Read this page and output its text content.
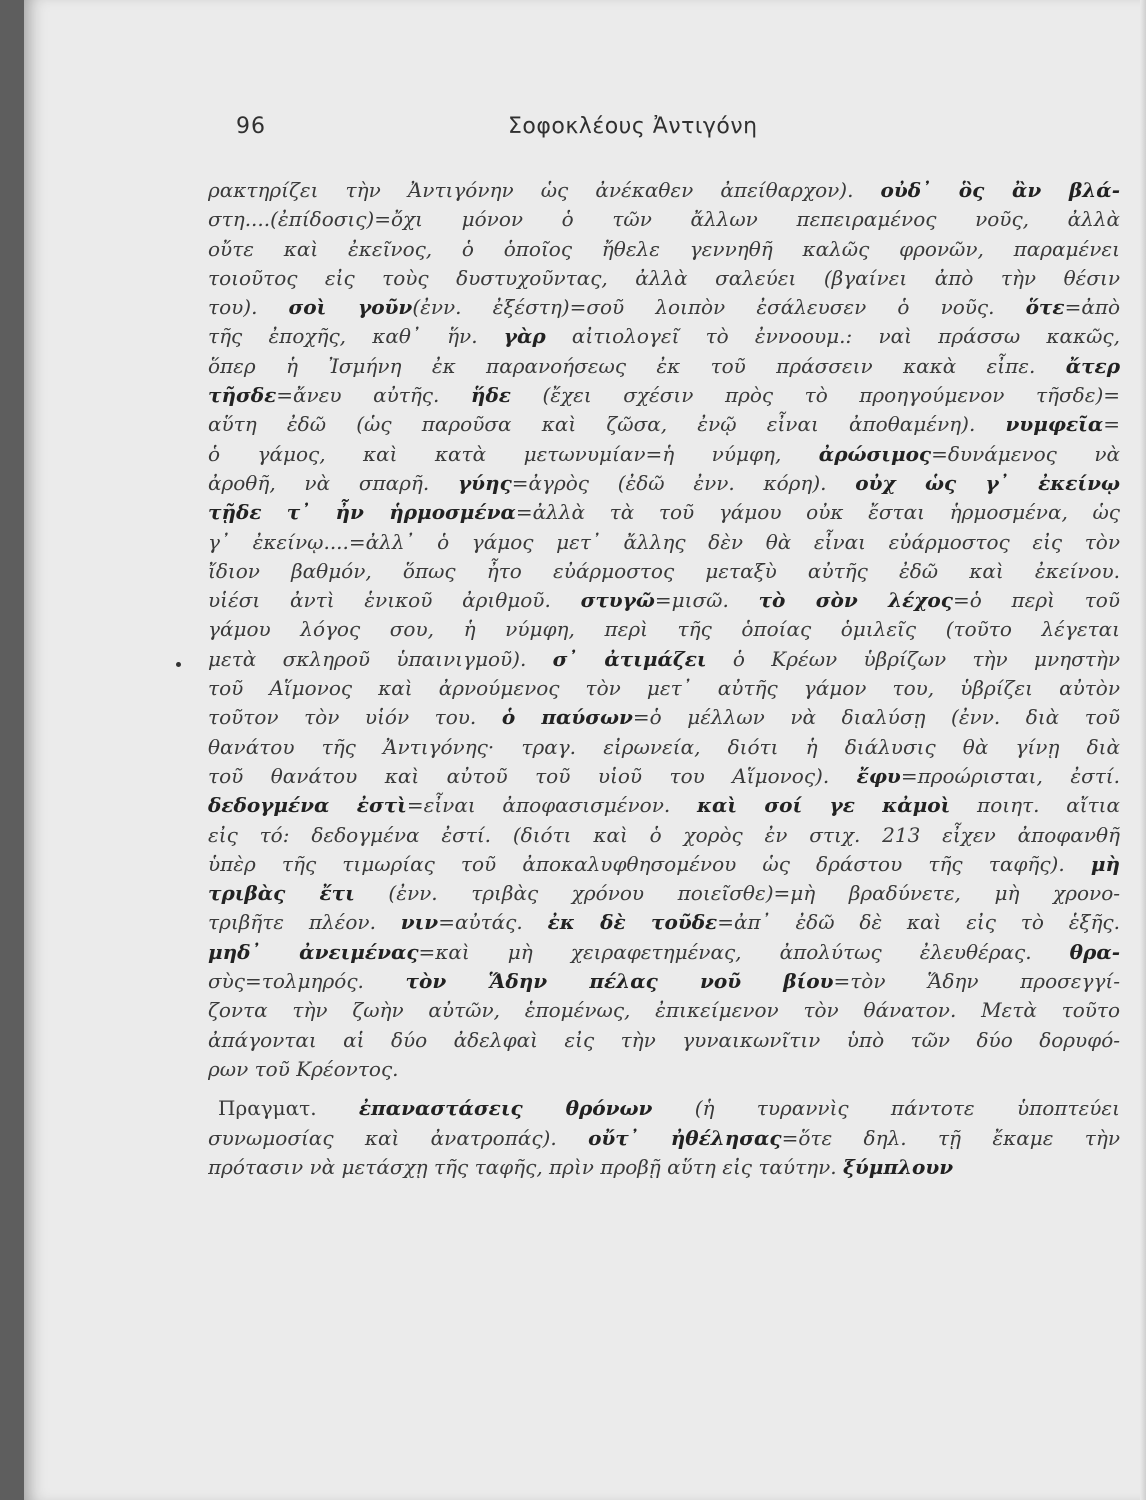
96	Σοφοκλέους Ἀντιγόνη
ρακτηρίζει τὴν Ἀντιγόνην ὡς ἀνέκαθεν ἀπείθαρχον). οὐδ᾽ ὃς ἂν βλά-
στη....(ἐπίδοσις)=ὄχι μόνον ὁ τῶν ἄλλων πεπειραμένος νοῦς, ἀλλὰ
οὔτε καὶ ἐκεῖνος, ὁ ὁποῖος ἤθελε γεννηθῆ καλῶς φρονῶν, παραμένει
τοιοῦτος εἰς τοὺς δυστυχοῦντας, ἀλλὰ σαλεύει (βγαίνει ἀπὸ τὴν θέσιν
του). σοὶ γοῦν(ἐνν. ἐξέστη)=σοῦ λοιπὸν ἐσάλευσεν ὁ νοῦς. ὅτε=ἀπὸ
τῆς ἐποχῆς, καθ᾽ ἥν. γὰρ αἰτιολογεῖ τὸ ἐννοουμ.: ναὶ πράσσω κακῶς,
ὅπερ ἡ Ἰσμήνη ἐκ παρανοήσεως ἐκ τοῦ πράσσειν κακὰ εἶπε. ἄτερ
τῆσδε=ἄνευ αὐτῆς. ἥδε (ἔχει σχέσιν πρὸς τὸ προηγούμενον τῆσδε)=
αὕτη ἐδῶ (ὡς παροῦσα καὶ ζῶσα, ἐνῷ εἶναι ἀποθαμένη). νυμφεῖα=
ὁ γάμος, καὶ κατὰ μετωνυμίαν=ἡ νύμφη, ἀρώσιμος=δυνάμενος νὰ
ἀροθῆ, νὰ σπαρῆ. γύης=ἀγρὸς (ἐδῶ ἐνν. κόρη). οὐχ ὡς γ᾽ ἐκείνῳ
τῇδε τ᾽ ἦν ἡρμοσμένα=ἀλλὰ τὰ τοῦ γάμου οὐκ ἔσται ἡρμοσμένα, ὡς
γ᾽ ἐκείνῳ....=ἀλλ᾽ ὁ γάμος μετ᾽ ἄλλης δὲν θὰ εἶναι εὐάρμοστος εἰς τὸν
ἴδιον βαθμόν, ὅπως ἦτο εὐάρμοστος μεταξὺ αὐτῆς ἐδῶ καὶ ἐκείνου.
υἱέσι ἀντὶ ἑνικοῦ ἀριθμοῦ. στυγῶ=μισῶ. τὸ σὸν λέχος=ὁ περὶ τοῦ
γάμου λόγος σου, ἡ νύμφη, περὶ τῆς ὁποίας ὁμιλεῖς (τοῦτο λέγεται
μετὰ σκληροῦ ὑπαινιγμοῦ). σ᾽ ἀτιμάζει ὁ Κρέων ὑβρίζων τὴν μνηστὴν
τοῦ Αἵμονος καὶ ἀρνούμενος τὸν μετ᾽ αὐτῆς γάμον του, ὑβρίζει αὐτὸν
τοῦτον τὸν υἱόν του. ὁ παύσων=ὁ μέλλων νὰ διαλύσῃ (ἐνν. διὰ τοῦ
θανάτου τῆς Ἀντιγόνης· τραγ. εἰρωνεία, διότι ἡ διάλυσις θὰ γίνῃ διὰ
τοῦ θανάτου καὶ αὐτοῦ τοῦ υἱοῦ του Αἵμονος). ἔφυ=προώρισται, ἐστί.
δεδογμένα ἐστὶ=εἶναι ἀποφασισμένον. καὶ σοί γε κἀμοὶ ποιητ. αἴτια
εἰς τό: δεδογμένα ἐστί. (διότι καὶ ὁ χορὸς ἐν στιχ. 213 εἶχεν ἀποφανθῆ
ὑπὲρ τῆς τιμωρίας τοῦ ἀποκαλυφθησομένου ὡς δράστου τῆς ταφῆς). μὴ
τριβὰς ἔτι (ἐνν. τριβὰς χρόνου ποιεῖσθε)=μὴ βραδύνετε, μὴ χρονο-
τριβῆτε πλέον. νιν=αὐτάς. ἐκ δὲ τοῦδε=ἀπ᾽ ἐδῶ δὲ καὶ εἰς τὸ ἑξῆς.
μηδ᾽ ἀνειμένας=καὶ μὴ χειραφετημένας, ἀπολύτως ἐλευθέρας. θρα-
σὺς=τολμηρός. τὸν Ἅδην πέλας νοῦ βίου=τὸν Ἅδην προσεγγί-
ζοντα τὴν ζωὴν αὐτῶν, ἑπομένως, ἐπικείμενον τὸν θάνατον. Μετὰ τοῦτο
ἀπάγονται αἱ δύο ἀδελφαὶ εἰς τὴν γυναικωνῖτιν ὑπὸ τῶν δύο δορυφό-
ρων τοῦ Κρέοντος.
Πραγματ. ἐπαναστάσεις θρόνων (ἡ τυραννὶς πάντοτε ὑποπτεύει
συνωμοσίας καὶ ἀνατροπάς). οὔτ᾽ ἠθέλησας=ὅτε δηλ. τῇ ἔκαμε τὴν
πρότασιν νὰ μετάσχῃ τῆς ταφῆς, πρὶν προβῇ αὕτη εἰς ταύτην. ξύμπλουν
